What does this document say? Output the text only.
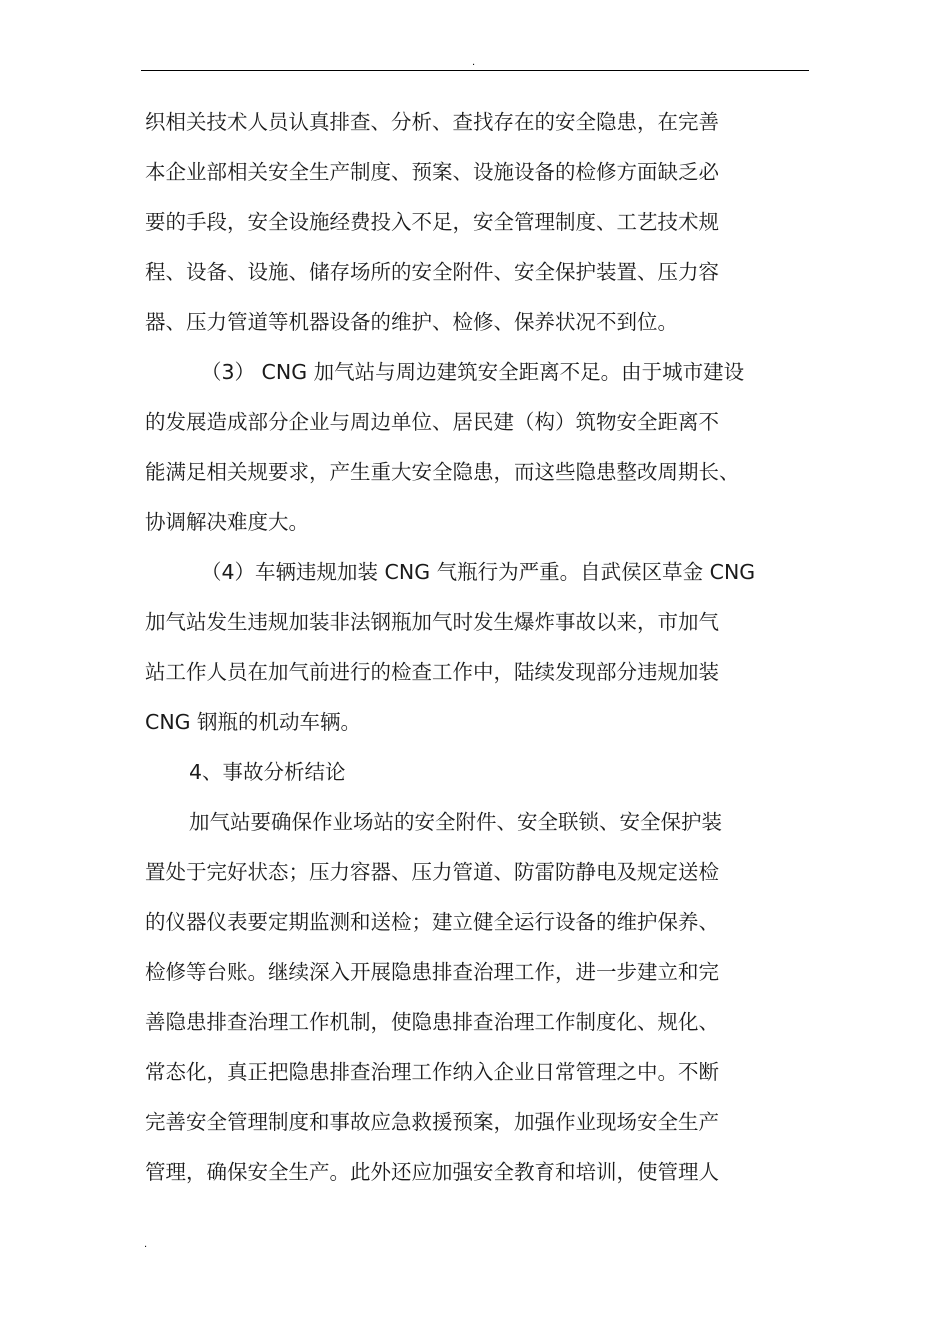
.
织相关技术人员认真排查、分析、查找存在的安全隐患，在完善
本企业部相关安全生产制度、预案、设施设备的检修方面缺乏必
要的手段，安全设施经费投入不足，安全管理制度、工艺技术规
程、设备、设施、储存场所的安全附件、安全保护装置、压力容
器、压力管道等机器设备的维护、检修、保养状况不到位。
（3） CNG 加气站与周边建筑安全距离不足。由于城市建设
的发展造成部分企业与周边单位、居民建（构）筑物安全距离不
能满足相关规要求，产生重大安全隐患，而这些隐患整改周期长、
协调解决难度大。
（4）车辆违规加装 CNG 气瓶行为严重。自武侯区草金 CNG
加气站发生违规加装非法钢瓶加气时发生爆炸事故以来，市加气
站工作人员在加气前进行的检查工作中，陆续发现部分违规加装
CNG 钢瓶的机动车辆。
4、事故分析结论
加气站要确保作业场站的安全附件、安全联锁、安全保护装
置处于完好状态；压力容器、压力管道、防雷防静电及规定送检
的仪器仪表要定期监测和送检；建立健全运行设备的维护保养、
检修等台账。继续深入开展隐患排查治理工作，进一步建立和完
善隐患排查治理工作机制，使隐患排查治理工作制度化、规化、
常态化，真正把隐患排查治理工作纳入企业日常管理之中。不断
完善安全管理制度和事故应急救援预案，加强作业现场安全生产
管理，确保安全生产。此外还应加强安全教育和培训，使管理人
.
